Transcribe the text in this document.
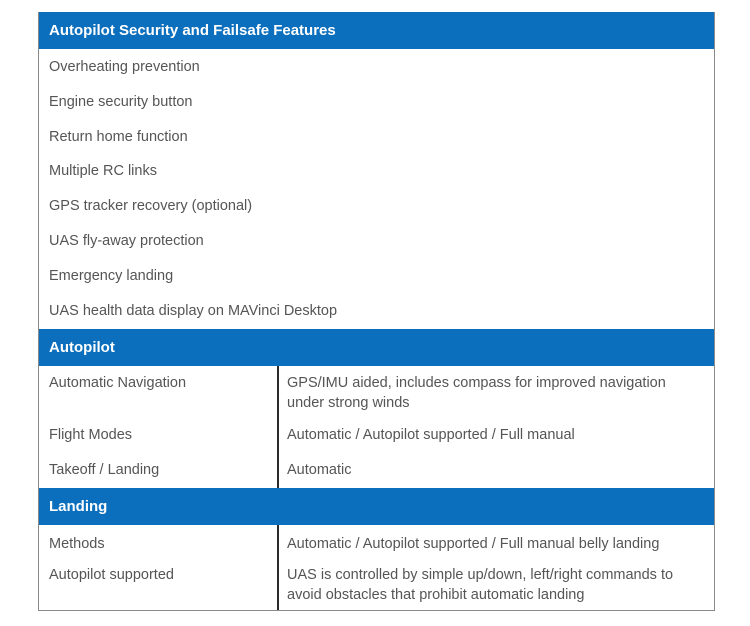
Autopilot Security and Failsafe Features
Overheating prevention
Engine security button
Return home function
Multiple RC links
GPS tracker recovery (optional)
UAS fly-away protection
Emergency landing
UAS health data display on MAVinci Desktop
Autopilot
Automatic Navigation	GPS/IMU aided, includes compass for improved navigation under strong winds
Flight Modes	Automatic / Autopilot supported / Full manual
Takeoff / Landing	Automatic
Landing
Methods	Automatic / Autopilot supported / Full manual belly landing
Autopilot supported	UAS is controlled by simple up/down, left/right commands to avoid obstacles that prohibit automatic landing
